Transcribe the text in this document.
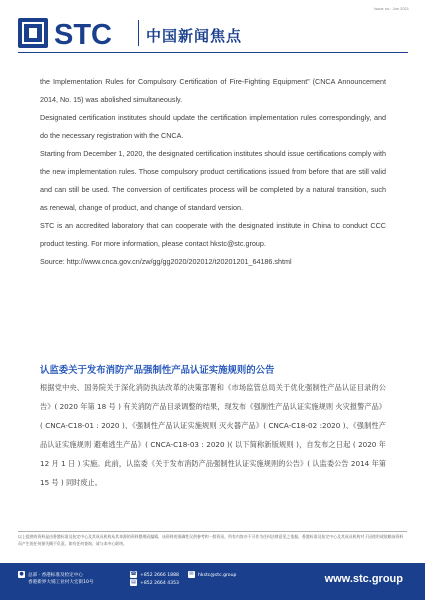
Issue no.: Jan 2021
STC 中国新闻焦点

the Implementation Rules for Compulsory Certification of Fire-Fighting Equipment” (CNCA Announcement 2014, No. 15) was abolished simultaneously.

Designated certification institutes should update the certification implementation rules correspondingly, and do the necessary registration with the CNCA.

Starting from December 1, 2020, the designated certification institutes should issue certifications comply with the new implementation rules. Those compulsory product certifications issued from before that are still valid and can still be used. The conversion of certificates process will be completed by a natural transition, such as renewal, change of product, and change of standard version.

STC is an accredited laboratory that can cooperate with the designated institute in China to conduct CCC product testing. For more information, please contact hkstc@stc.group.

Source: http://www.cnca.gov.cn/zw/gg/gg2020/202012/t20201201_64186.shtml

认监委关于发布消防产品强制性产品认证实施规则的公告

根据党中央、国务院关于深化消防执法改革的决策部署和《市场监管总局关于优化强制性产品认证目录的公告》( 2020 年第 18 号 ) 有关消防产品目录调整的结果，现发布《强制性产品认证实施规则 火灾报警产品》( CNCA-C18-01 : 2020 )、《强制性产品认证实施规则 灭火器产品》( CNCA-C18-02 :2020 )、《强制性产品认证实施规则 避难逃生产品》( CNCA-C18-03 : 2020 )( 以下简称新版规则 )，自发布之日起 ( 2020 年 12 月 1 日 ) 实施。此前，认监委《关于发布消防产品强制性认证实施规则的公告》( 认监委公告 2014 年第 15 号 ) 同时废止。

以上提供的资料是由香港标准及检定中心及其成员机构从其来源的资料整理而编辑，该资料的准确性仅供参考和一般资讯，所有内容亦不可作为任何法律意见之依据，香港标准及检定中心及其成员机构对于因使用或依赖该资料而产生的任何损失概不负责。如有任何查询，请与本中心联络。
● 总部 · 香港标准及检定中心
香港新界大埔工业村大宏街10号
☎ +852 2666 1888
▤ +852 2664 4353
✉ hkstc@stc.group	www.stc.group
